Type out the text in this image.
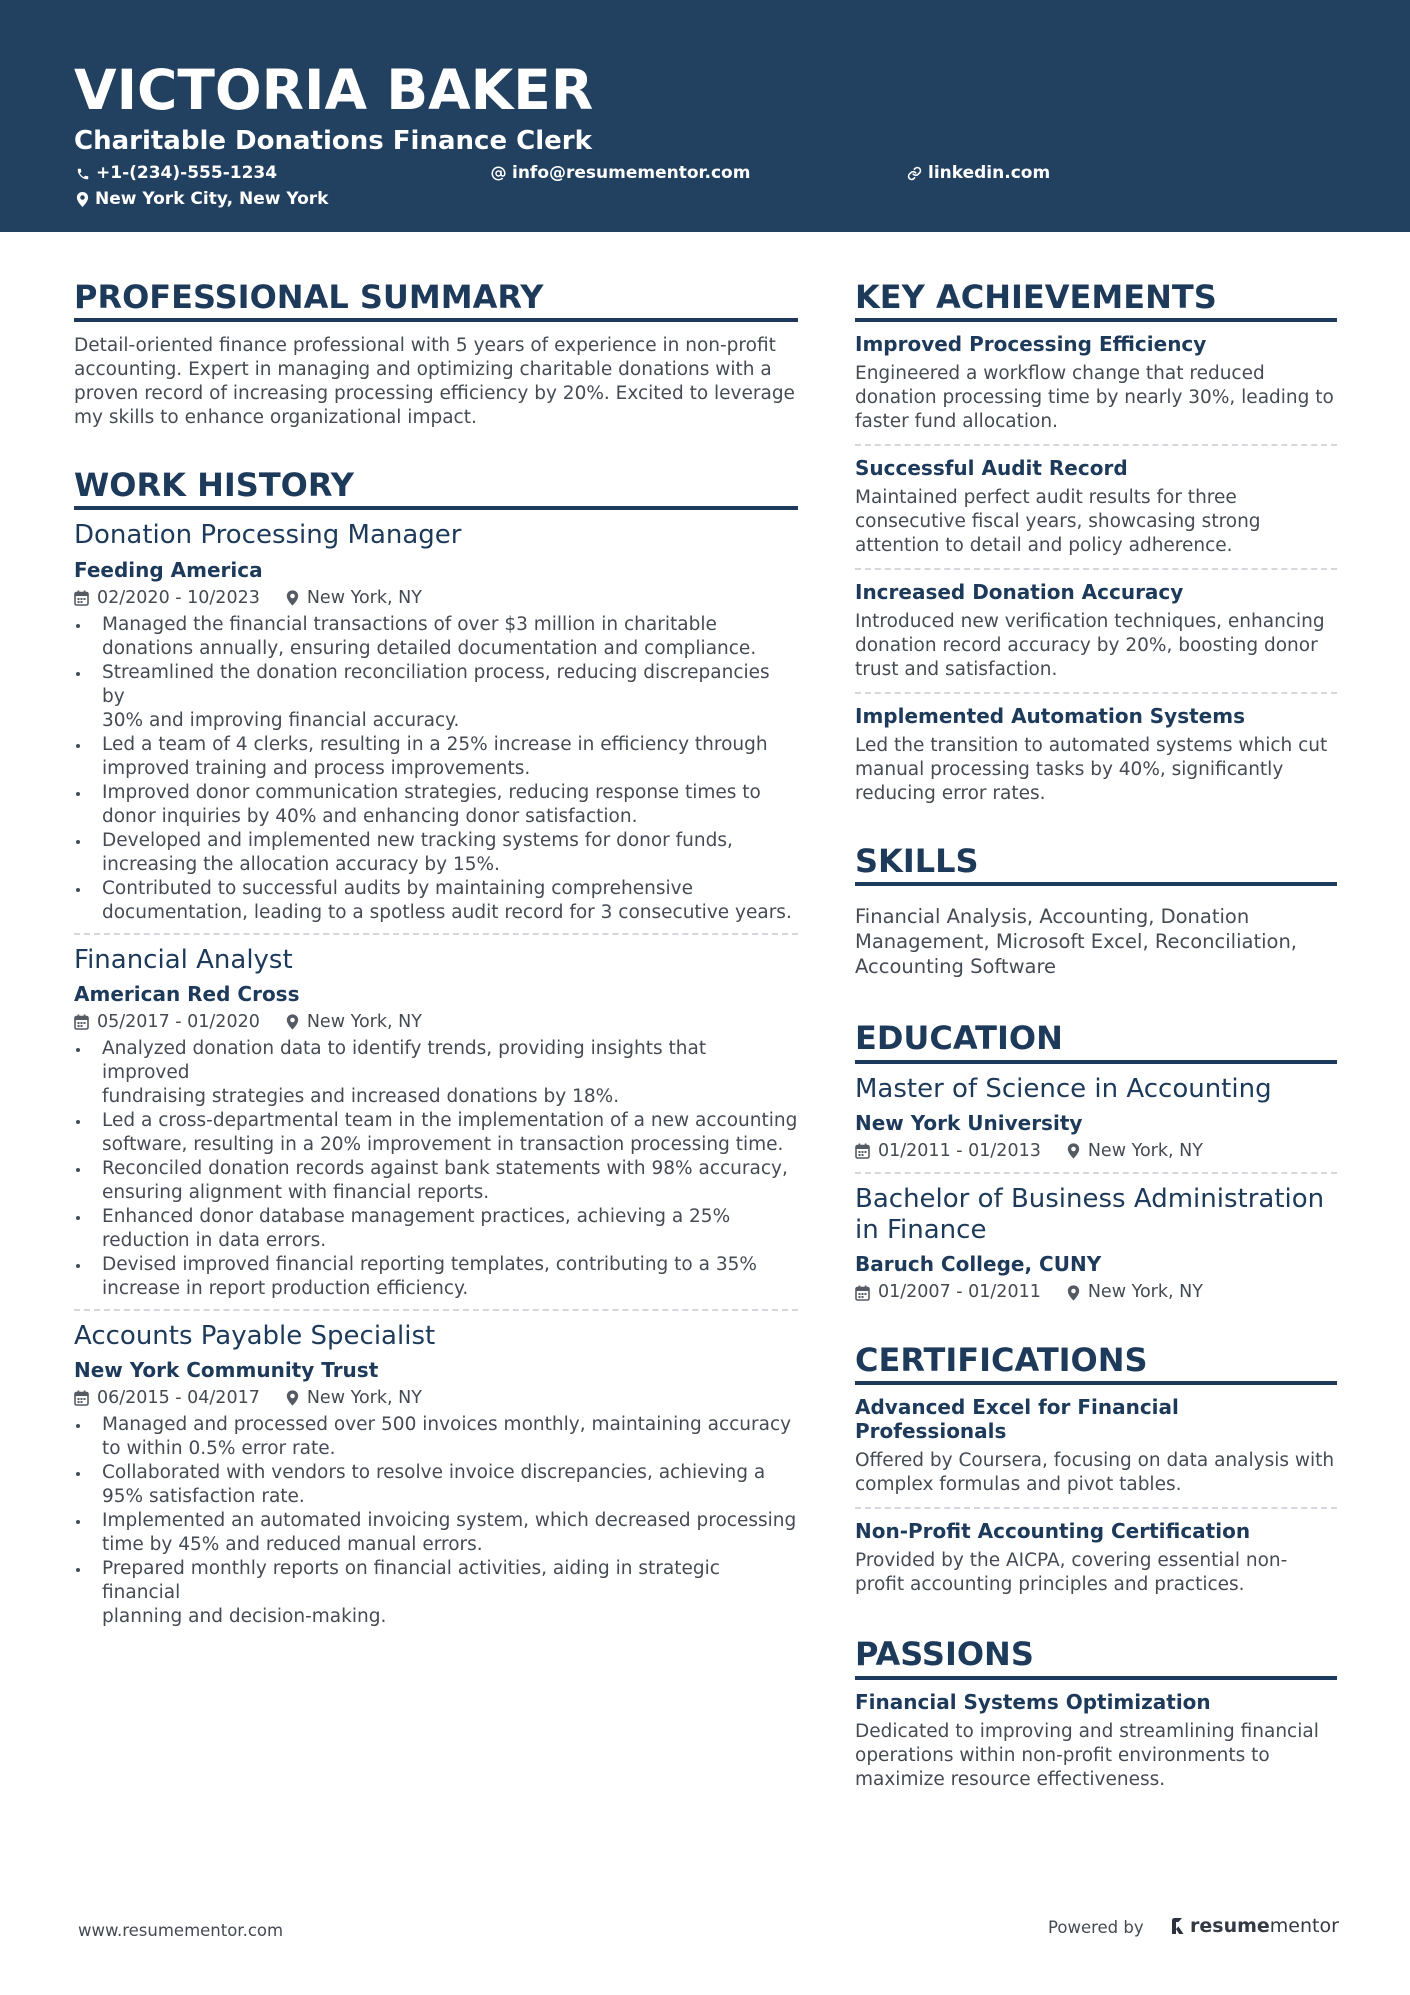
VICTORIA BAKER
Charitable Donations Finance Clerk
+1-(234)-555-1234	info@resumementor.com	linkedin.com
New York City, New York
PROFESSIONAL SUMMARY
Detail-oriented finance professional with 5 years of experience in non-profit
accounting. Expert in managing and optimizing charitable donations with a
proven record of increasing processing efficiency by 20%. Excited to leverage
my skills to enhance organizational impact.
WORK HISTORY
Donation Processing Manager
Feeding America
02/2020 - 10/2023	New York, NY
Managed the financial transactions of over $3 million in charitable
donations annually, ensuring detailed documentation and compliance.
Streamlined the donation reconciliation process, reducing discrepancies by
30% and improving financial accuracy.
Led a team of 4 clerks, resulting in a 25% increase in efficiency through
improved training and process improvements.
Improved donor communication strategies, reducing response times to
donor inquiries by 40% and enhancing donor satisfaction.
Developed and implemented new tracking systems for donor funds,
increasing the allocation accuracy by 15%.
Contributed to successful audits by maintaining comprehensive
documentation, leading to a spotless audit record for 3 consecutive years.
Financial Analyst
American Red Cross
05/2017 - 01/2020	New York, NY
Analyzed donation data to identify trends, providing insights that improved
fundraising strategies and increased donations by 18%.
Led a cross-departmental team in the implementation of a new accounting
software, resulting in a 20% improvement in transaction processing time.
Reconciled donation records against bank statements with 98% accuracy,
ensuring alignment with financial reports.
Enhanced donor database management practices, achieving a 25%
reduction in data errors.
Devised improved financial reporting templates, contributing to a 35%
increase in report production efficiency.
Accounts Payable Specialist
New York Community Trust
06/2015 - 04/2017	New York, NY
Managed and processed over 500 invoices monthly, maintaining accuracy
to within 0.5% error rate.
Collaborated with vendors to resolve invoice discrepancies, achieving a
95% satisfaction rate.
Implemented an automated invoicing system, which decreased processing
time by 45% and reduced manual errors.
Prepared monthly reports on financial activities, aiding in strategic financial
planning and decision-making.
KEY ACHIEVEMENTS
Improved Processing Efficiency
Engineered a workflow change that reduced
donation processing time by nearly 30%, leading to
faster fund allocation.
Successful Audit Record
Maintained perfect audit results for three
consecutive fiscal years, showcasing strong
attention to detail and policy adherence.
Increased Donation Accuracy
Introduced new verification techniques, enhancing
donation record accuracy by 20%, boosting donor
trust and satisfaction.
Implemented Automation Systems
Led the transition to automated systems which cut
manual processing tasks by 40%, significantly
reducing error rates.
SKILLS
Financial Analysis, Accounting, Donation
Management, Microsoft Excel, Reconciliation,
Accounting Software
EDUCATION
Master of Science in Accounting
New York University
01/2011 - 01/2013	New York, NY
Bachelor of Business Administration
in Finance
Baruch College, CUNY
01/2007 - 01/2011	New York, NY
CERTIFICATIONS
Advanced Excel for Financial Professionals
Offered by Coursera, focusing on data analysis with
complex formulas and pivot tables.
Non-Profit Accounting Certification
Provided by the AICPA, covering essential non-
profit accounting principles and practices.
PASSIONS
Financial Systems Optimization
Dedicated to improving and streamlining financial
operations within non-profit environments to
maximize resource effectiveness.
www.resumementor.com	Powered by resume mentor
